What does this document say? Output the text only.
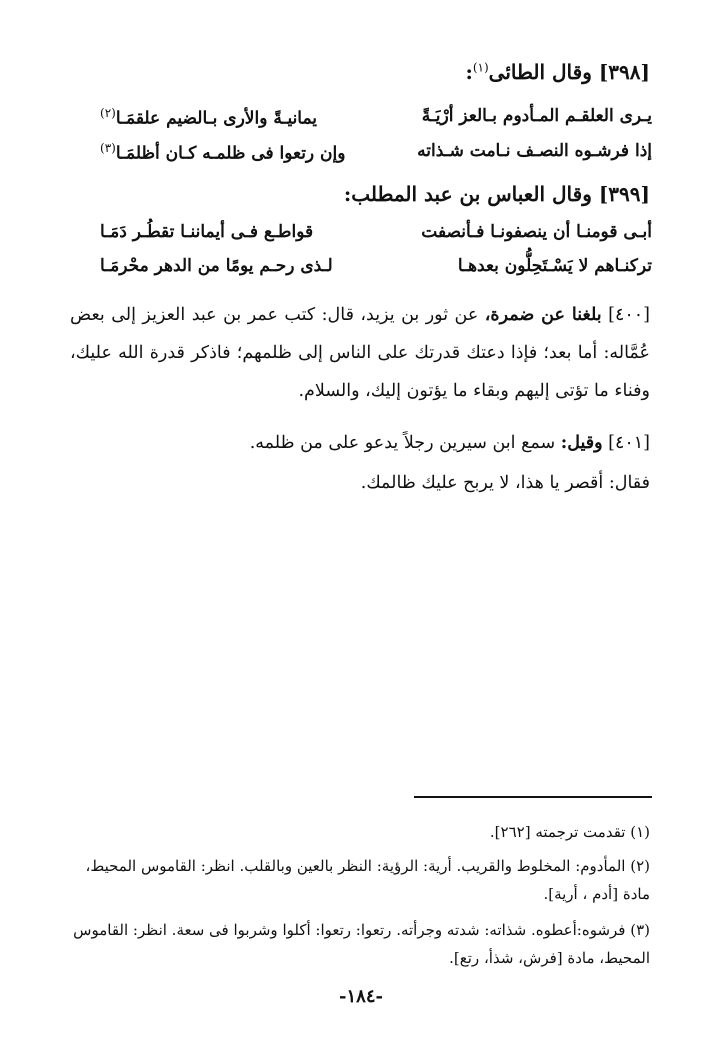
[٣٩٨] وقال الطائى$^{(١)}$:
يـرى العلقـم المـأدوم بـالعز أرْيَـةً
يمانيـةً والأرى بـالضيم علقمَـا$^{(٢)}$
إذا فرشـوه النصـف نـامت شـذاته
وإن رتعوا فى ظلمـه كـان أظلمَـا$^{(٣)}$
[٣٩٩] وقال العباس بن عبد المطلب:
أبـى قومنـا أن ينصفونـا فـأنصفت
قواطـع فـى أيماننـا تقطُـر دَمَـا
تركنـاهم لا يَسْـتَحِلُّون بعدهـا
لـذى رحـم يومًا من الدهر محْرمَـا
[٤٠٠] بلغنا عن ضمرة، عن ثور بن يزيد، قال: كتب عمر بن عبد العزيز إلى بعض عُمَّاله: أما بعد؛ فإذا دعتك قدرتك على الناس إلى ظلمهم؛ فاذكر قدرة الله عليك، وفناء ما تؤتى إليهم وبقاء ما يؤتون إليك، والسلام.
[٤٠١] وقيل: سمع ابن سيرين رجلاً يدعو على من ظلمه.
فقال: أقصر يا هذا، لا يربح عليك ظالمك.
(١) تقدمت ترجمته [٢٦٢].
(٢) المأدوم: المخلوط والقريب. أرية: الرؤية: النظر بالعين وبالقلب. انظر: القاموس المحيط، مادة [أدم ، أرية].
(٣) فرشوه:أعطوه. شذاته: شدته وجرأته. رتعوا: رتعوا: أكلوا وشربوا فى سعة. انظر: القاموس المحيط، مادة [فرش، شذأ، رتع].
-١٨٤-
